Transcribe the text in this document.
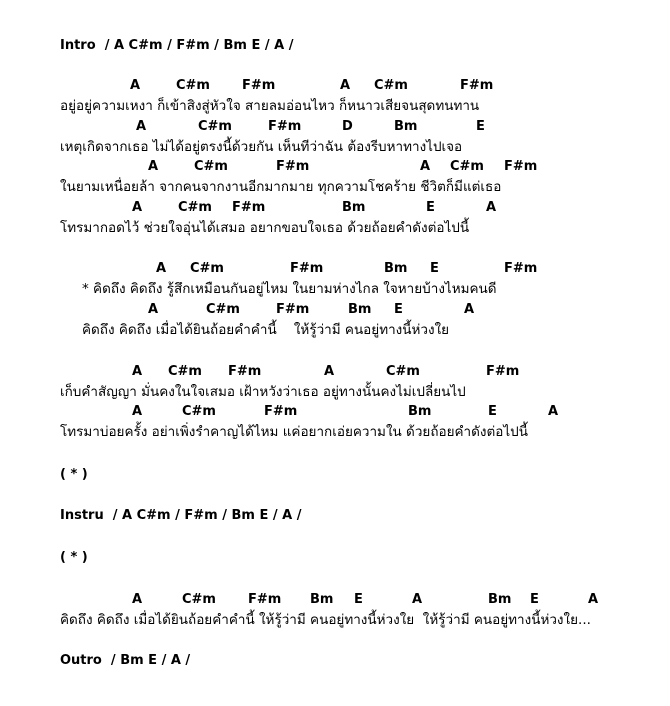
Intro  / A C#m / F#m / Bm E / A /
A	C#m F#m	A C#m	F#m
อยู่อยู่ความเหงา ก็เข้าสิงสู่หัวใจ สายลมอ่อนไหว ก็หนาวเสียจนสุดทนทาน
A	C#m	F#m	D	Bm	E
เหตุเกิดจากเธอ ไม่ได้อยู่ตรงนี้ด้วยกัน เห็นทีว่าฉัน ต้องรีบหาทางไปเจอ
A	C#m	F#m	A C#m F#m
ในยามเหนื่อยล้า จากคนจากงานอีกมากมาย ทุกความโชคร้าย ชีวิตก็มีแต่เธอ
A	C#m F#m	Bm	E	A
โทรมากอดไว้ ช่วยใจอุ่นได้เสมอ อยากขอบใจเธอ ด้วยถ้อยคำดังต่อไปนี้
A C#m	F#m	Bm E	F#m
* คิดถึง คิดถึง รู้สึกเหมือนกันอยู่ไหม ในยามห่างไกล ใจหายบ้างไหมคนดี
A	C#m	F#m	Bm E	A
คิดถึง คิดถึง เมื่อได้ยินถ้อยคำคำนี้    ให้รู้ว่ามี คนอยู่ทางนี้ห่วงใย
A C#m F#m	A	C#m	F#m
เก็บคำสัญญา มั่นคงในใจเสมอ เฝ้าหวังว่าเธอ อยู่ทางนั้นคงไม่เปลี่ยนไป
A	C#m	F#m	Bm	E	A
โทรมาบ่อยครั้ง อย่าเพิ่งรำคาญได้ไหม แค่อยากเอ่ยความใน ด้วยถ้อยคำดังต่อไปนี้
( * )
Instru  / A C#m / F#m / Bm E / A /
( * )
A	C#m F#m Bm E	A	Bm E	A
คิดถึง คิดถึง เมื่อได้ยินถ้อยคำคำนี้ ให้รู้ว่ามี คนอยู่ทางนี้ห่วงใย  ให้รู้ว่ามี คนอยู่ทางนี้ห่วงใย...
Outro  / Bm E / A /
